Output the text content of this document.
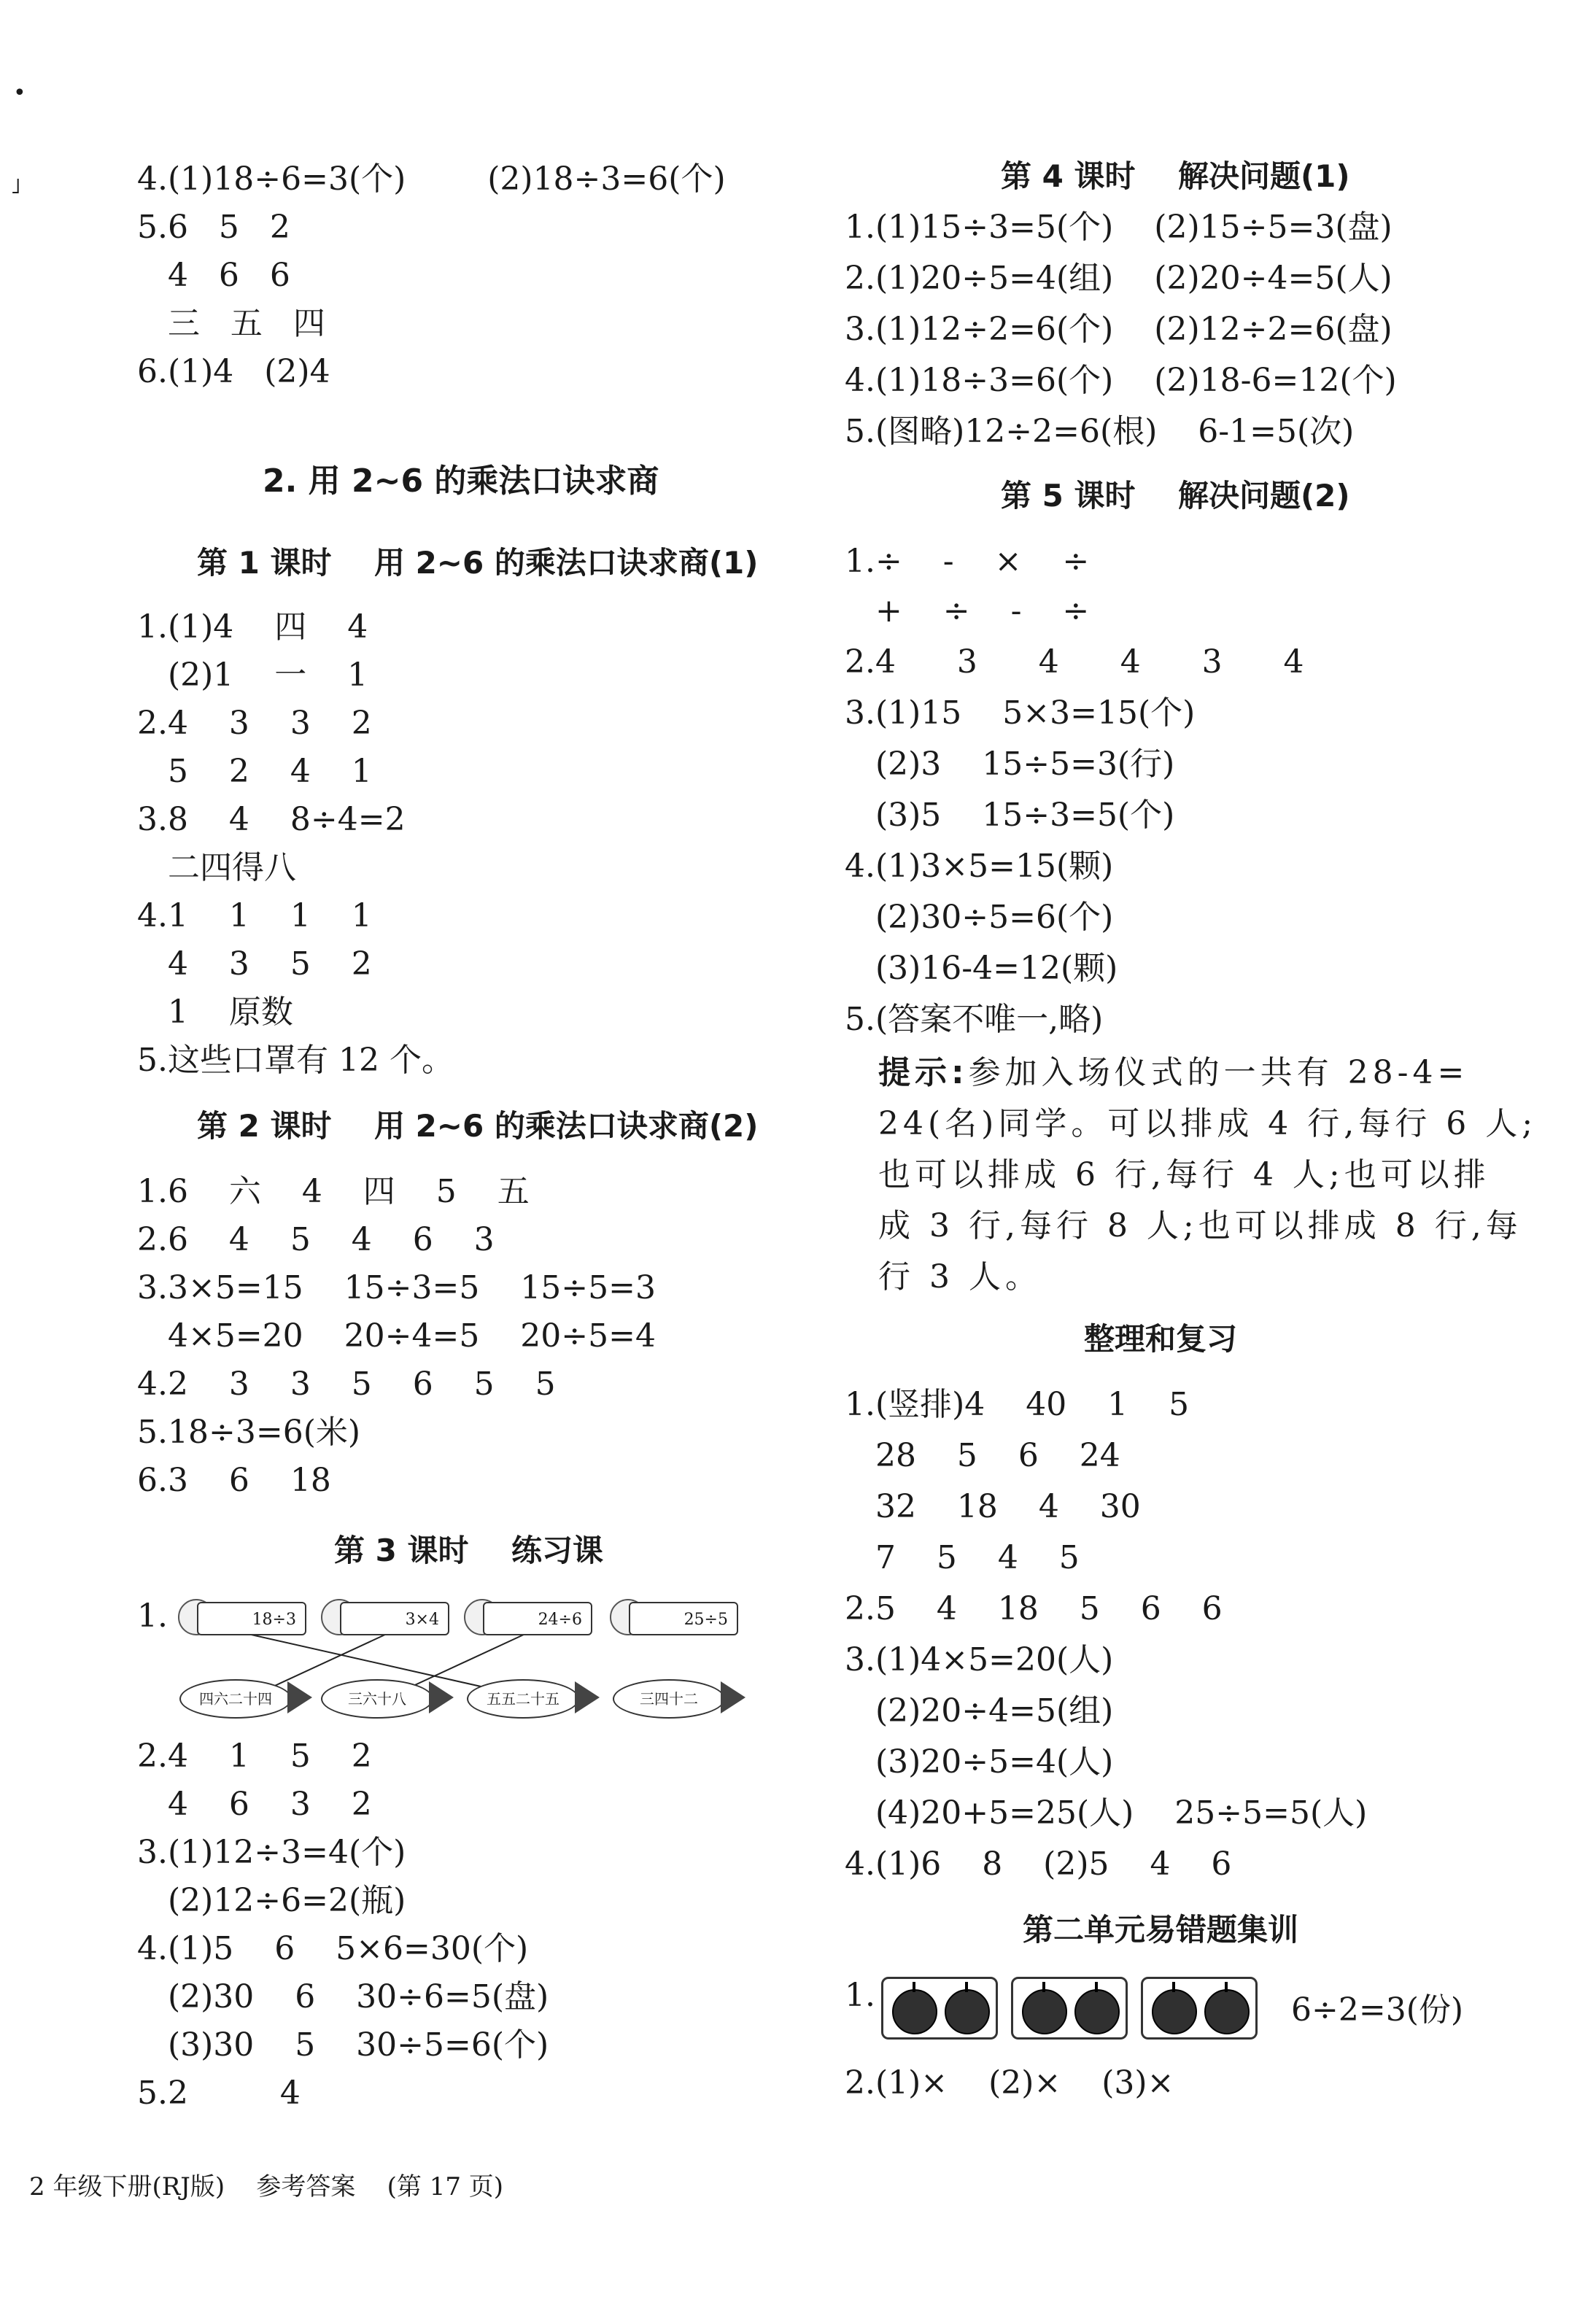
•
˩	4.(1)18÷6=3(个)        (2)18÷3=6(个)
5.6   5   2
4   6   6
三   五   四
6.(1)4   (2)4
2. 用 2~6 的乘法口诀求商
第 1 课时    用 2~6 的乘法口诀求商(1)
1.(1)4    四    4
(2)1    一    1
2.4    3    3    2
5    2    4    1
3.8    4    8÷4=2
二四得八
4.1    1    1    1
4    3    5    2
1    原数
5.这些口罩有 12 个。
第 2 课时    用 2~6 的乘法口诀求商(2)
1.6    六    4    四    5    五
2.6    4    5    4    6    3
3.3×5=15    15÷3=5    15÷5=3
4×5=20    20÷4=5    20÷5=4
4.2    3    3    5    6    5    5
5.18÷3=6(米)
6.3    6    18
第 3 课时    练习课
1.	18÷3	3×4	24÷6	25÷5
四六二十四	三六十八	五五二十五	三四十二
2.4    1    5    2
4    6    3    2
3.(1)12÷3=4(个)
(2)12÷6=2(瓶)
4.(1)5    6    5×6=30(个)
(2)30    6    30÷6=5(盘)
(3)30    5    30÷5=6(个)
5.2         4
第 4 课时    解决问题(1)
1.(1)15÷3=5(个)    (2)15÷5=3(盘)
2.(1)20÷5=4(组)    (2)20÷4=5(人)
3.(1)12÷2=6(个)    (2)12÷2=6(盘)
4.(1)18÷3=6(个)    (2)18-6=12(个)
5.(图略)12÷2=6(根)    6-1=5(次)
第 5 课时    解决问题(2)
1.÷    -    ×    ÷
+    ÷    -    ÷
2.4      3      4      4      3      4
3.(1)15    5×3=15(个)
(2)3    15÷5=3(行)
(3)5    15÷3=5(个)
4.(1)3×5=15(颗)
(2)30÷5=6(个)
(3)16-4=12(颗)
5.(答案不唯一,略)
提示:参加入场仪式的一共有 28-4=
24(名)同学。可以排成 4 行,每行 6 人;
也可以排成 6 行,每行 4 人;也可以排
成 3 行,每行 8 人;也可以排成 8 行,每
行 3 人。
整理和复习
1.(竖排)4    40    1    5
28    5    6    24
32    18    4    30
7    5    4    5
2.5    4    18    5    6    6
3.(1)4×5=20(人)
(2)20÷4=5(组)
(3)20÷5=4(人)
(4)20+5=25(人)    25÷5=5(人)
4.(1)6    8    (2)5    4    6
第二单元易错题集训
1.	6÷2=3(份)
2.(1)×    (2)×    (3)×
2 年级下册(RJ版)    参考答案    (第 17 页)
